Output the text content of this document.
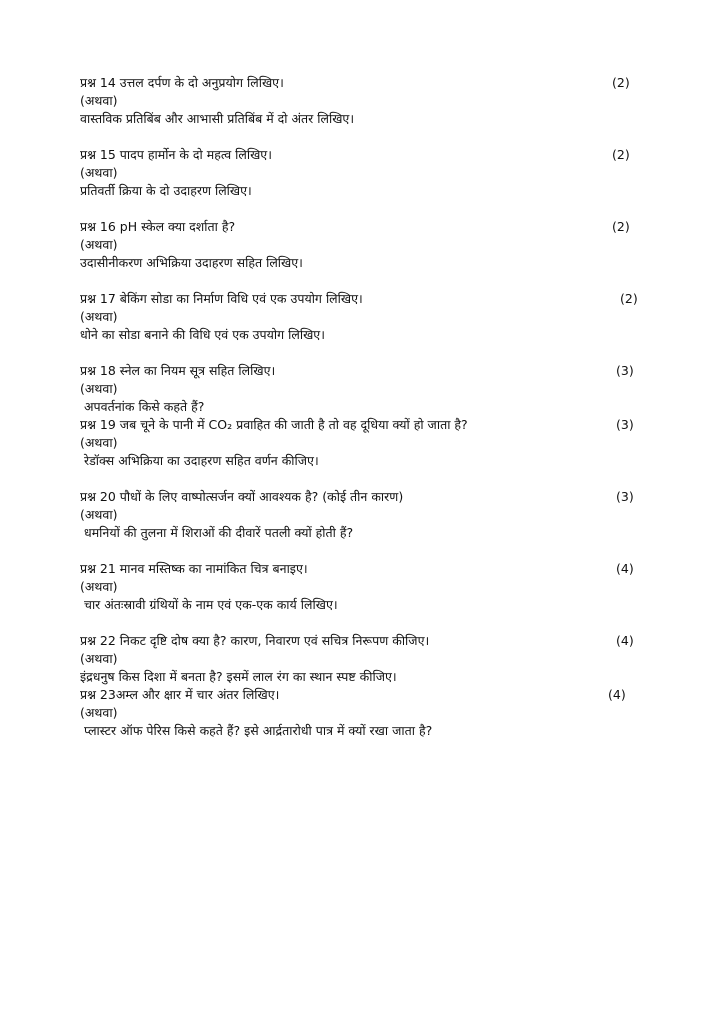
प्रश्न 14 उत्तल दर्पण के दो अनुप्रयोग लिखिए।	(2)
(अथवा)
वास्तविक प्रतिबिंब और आभासी प्रतिबिंब में दो अंतर लिखिए।
प्रश्न 15 पादप हार्मोन के दो महत्व लिखिए।	(2)
(अथवा)
प्रतिवर्ती क्रिया के दो उदाहरण लिखिए।
प्रश्न 16 pH स्केल क्या दर्शाता है?	(2)
(अथवा)
उदासीनीकरण अभिक्रिया उदाहरण सहित लिखिए।
प्रश्न 17 बेकिंग सोडा का निर्माण विधि एवं एक उपयोग लिखिए।	(2)
(अथवा)
धोने का सोडा बनाने की विधि एवं एक उपयोग लिखिए।
प्रश्न 18 स्नेल का नियम सूत्र सहित लिखिए।	(3)
(अथवा)
अपवर्तनांक किसे कहते हैं?
प्रश्न 19 जब चूने के पानी में CO₂ प्रवाहित की जाती है तो वह दूधिया क्यों हो जाता है?	(3)
(अथवा)
रेडॉक्स अभिक्रिया का उदाहरण सहित वर्णन कीजिए।
प्रश्न 20 पौधों के लिए वाष्पोत्सर्जन क्यों आवश्यक है? (कोई तीन कारण)	(3)
(अथवा)
धमनियों की तुलना में शिराओं की दीवारें पतली क्यों होती हैं?
प्रश्न 21 मानव मस्तिष्क का नामांकित चित्र बनाइए।	(4)
(अथवा)
चार अंतःस्रावी ग्रंथियों के नाम एवं एक-एक कार्य लिखिए।
प्रश्न 22 निकट दृष्टि दोष क्या है? कारण, निवारण एवं सचित्र निरूपण कीजिए।	(4)
(अथवा)
इंद्रधनुष किस दिशा में बनता है? इसमें लाल रंग का स्थान स्पष्ट कीजिए।
प्रश्न 23अम्ल और क्षार में चार अंतर लिखिए।	(4)
(अथवा)
प्लास्टर ऑफ पेरिस किसे कहते हैं? इसे आर्द्रतारोधी पात्र में क्यों रखा जाता है?
